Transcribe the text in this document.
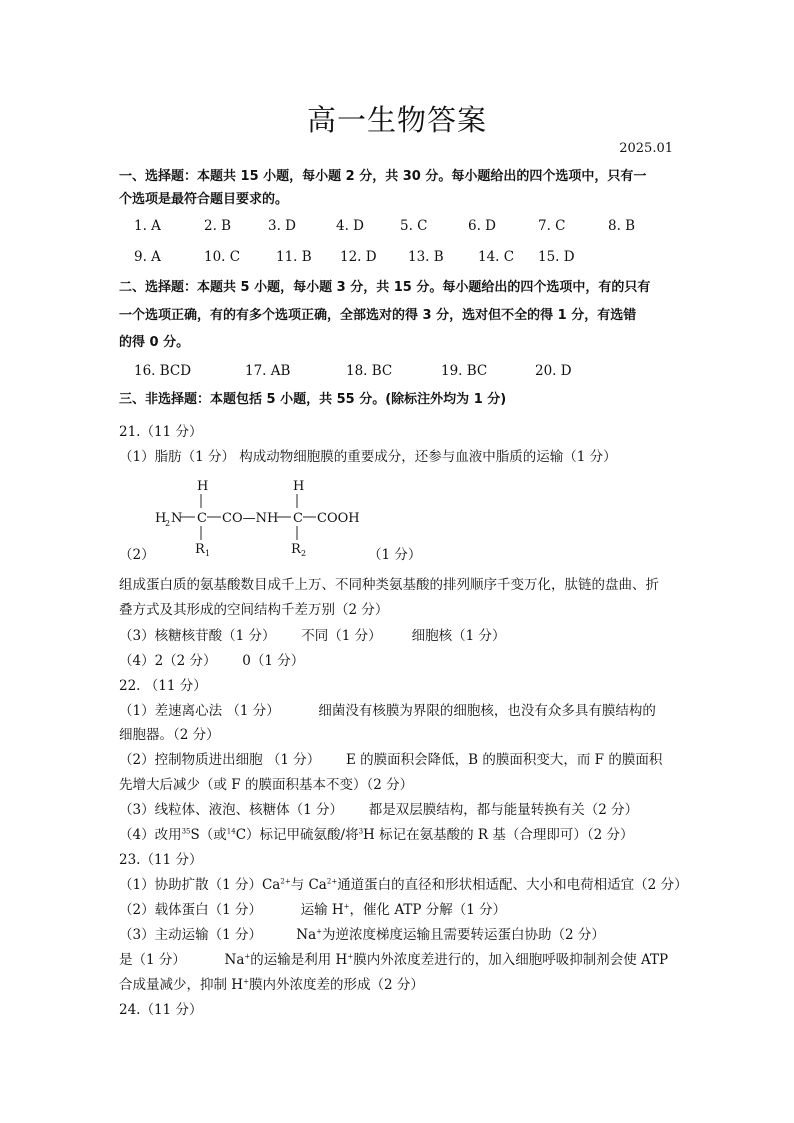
高一生物答案
2025.01
一、选择题：本题共 15 小题，每小题 2 分，共 30 分。每小题给出的四个选项中，只有一
个选项是最符合题目要求的。
1. A	2. B	3. D	4. D	5. C	6. D	7. C	8. B
9. A	10. C	11. B 12. D 13. B	14. C 15. D
二、选择题：本题共 5 小题，每小题 3 分，共 15 分。每小题给出的四个选项中，有的只有
一个选项正确，有的有多个选项正确，全部选对的得 3 分，选对但不全的得 1 分，有选错
的得 0 分。
16. BCD	17. AB	18. BC	19. BC	20. D
三、非选择题：本题包括 5 小题，共 55 分。(除标注外均为 1 分)
21.（11 分）
（1）脂肪（1 分） 构成动物细胞膜的重要成分，还参与血液中脂质的运输（1 分）
H	H
H
2 N C CO—NH C COOH
R 1	R 2
（2）	（1 分）
组成蛋白质的氨基酸数目成千上万、不同种类氨基酸的排列顺序千变万化，肽链的盘曲、折
叠方式及其形成的空间结构千差万别（2 分）
（3）核糖核苷酸（1 分）      不同（1 分）       细胞核（1 分）
（4）2（2 分）      0（1 分）
22. （11 分）
（1）差速离心法 （1 分）         细菌没有核膜为界限的细胞核，也没有众多具有膜结构的
细胞器。（2 分）
（2）控制物质进出细胞 （1 分）      E 的膜面积会降低，B 的膜面积变大，而 F 的膜面积
先增大后减少（或 F 的膜面积基本不变）（2 分）
（3）线粒体、液泡、核糖体（1 分）      都是双层膜结构，都与能量转换有关（2 分）
（4）改用$^{35}$S（或$^{14}$C）标记甲硫氨酸/将$^3$H 标记在氨基酸的 R 基（合理即可）（2 分）
23.（11 分）
（1）协助扩散（1 分）$Ca^{2+}$与 $Ca^{2+}$通道蛋白的直径和形状相适配、大小和电荷相适宜（2 分）
（2）载体蛋白（1 分）         运输 H+，催化 ATP 分解（1 分）
（3）主动运输（1 分）        Na+为逆浓度梯度运输且需要转运蛋白协助（2 分）
是（1 分）         Na+的运输是利用 H+膜内外浓度差进行的，加入细胞呼吸抑制剂会使 ATP
合成量减少，抑制 H+膜内外浓度差的形成（2 分）
24.（11 分）
